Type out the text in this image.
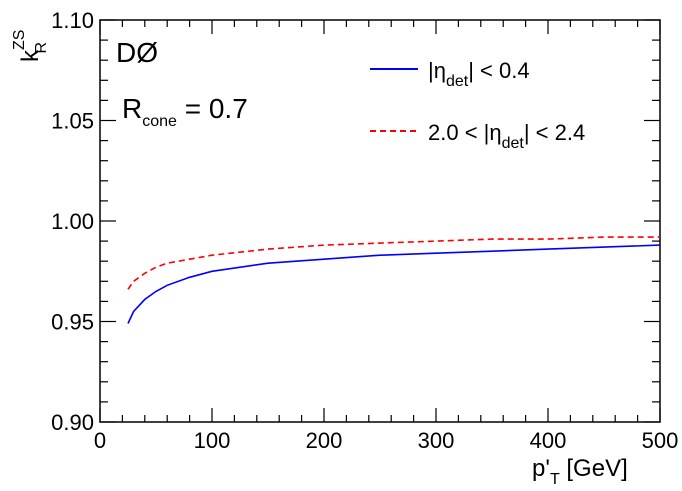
0	100	200	300	400	500
0.90
0.95
1.00
1.05
1.10
DØ
$R_{cone} = 0.7$
$|\eta_{det}| < 0.4$
$2.0 < |\eta_{det}| < 2.4$
$k^{ZS}$ R
$p'_T$ [GeV]
